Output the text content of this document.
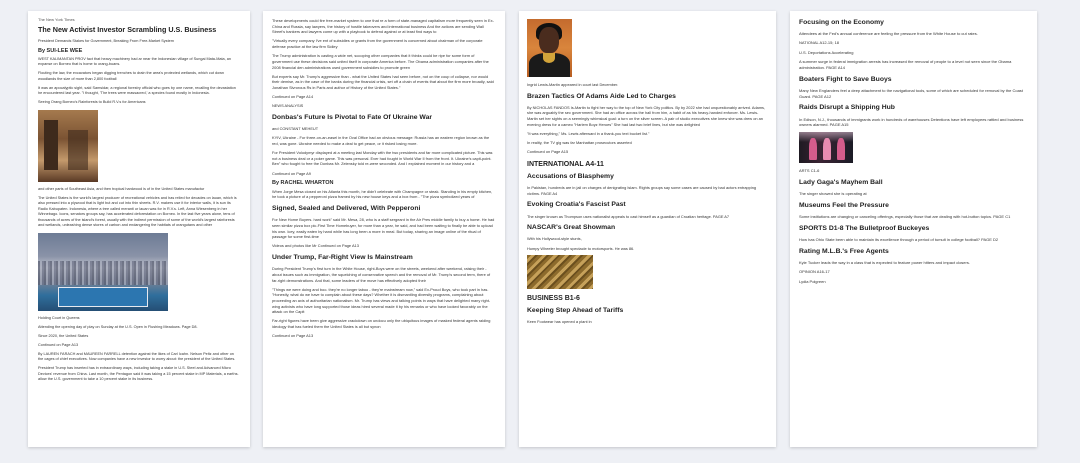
The New York Times
The New Activist Investor Scrambling U.S. Business

President Demands Stakes for Government, Breaking From Free-Market System

By SUI-LEE WEE

WEST KALIMANTAN PROV fact that heavy machinery had ar near the Indonesian village of Sungai Mata-Mata, an expanse on Borneo that is home to orang-buans.

Flouting the law, the excavators began digging trenches to drain the area's protected wetlands, which cut down woodlands the size of more than 2,800 football

It was an apocalyptic sight, said Samsidar, a regional forestry official who goes by one name, recalling the devastation he encountered last year. "I thought, 'The trees were massacred,' a species found mostly in Indonesia.

Seeing Orang Borneo's Rainforests to Build R.V.s for Americans

and other parts of Southeast Asia, and then tropical hardwood is of in the United States manufactur

The United States is the world's largest producer of recreational vehicles and has relied for decades on lauan, which is also pressed into a plywood that is light but and cut into thin sheets. R.V. makers use it for interior walls, it is sun its Radio Kabupaten. Indonesia, where a tree called meranti or lauan was for in R.V.s. Left, Anna Wiesenberg in her Winnebago. Icons, senators groups say, has accelerated deforestation on Borneo. In the last five years alone, tens of thousands of acres of the island's forest, usually with the indirect permission of some of the world's largest rainforests and wetlands, unleashing dense stores of carbon and endangering the habitats of orangutans and other

Holding Court in Queens

Attending the opening day of play on Sunday at the U.S. Open in Flushing Meadows. Page D8.

Since 2020, the United States

Continued on Page A13

By LAUREN FARACH and MAUREEN FARRELL detention against the likes of Carl Icahn. Nelson Peltz and other on the cages of chief executives. Now companies have a new investor to worry about: the president of the United States.

President Trump has inserted has in extraordinary ways, including taking a stake in U.S. Steel and Advanced Micro Devices' revenue from China. Last month, the Pentagon said it was taking a 15 percent stake in MP Materials, a earths. allow the U.S. government to take a 10 percent stake in its business.

These developments could fire free-market system to one that re a form of state-managed capitalism more frequently seen in Ex-China and Russia, say lawyers, the history of hostile takeovers and international business And the actions are sending Wall Street's bankers and lawyers come up with a playbook to defend against or at least find ways to

"Virtually every company I've ent of subsidies or grants from the government is concerned about chairman of the corporate defense practice at the law firm Sidley

The Trump administration is casting a wide net, scooping other companies that it thinks could be ripe for some form of government use these decisions said united itself in corporate America before. The Obama administration companies after the 2008 financial den administrations used government subsidies to promote green

But experts say Mr. Trump's aggressive than - what the United States had seen before, not on the coup of collapse, nor would their demise, as in the case of the banks during the financial crisis, set off a chain of events that about the firm more broadly, said Jonathan Slvrorous Rs in Paris and author of History of the United States."

Continued on Page A14

NEWS ANALYSIS

Donbas's Future Is Pivotal to Fate Of Ukraine War

and CONSTANT MEHEUT

KYIV, Ukraine - For three-on-an-easel in the Oval Office had an obvious message: Russia has an eastern region known as the red, was gone. Ukraine needed to make a deal to get peace, or it risked losing more.

For President Volodymyr displayed at a meeting last Monday with the two presidents and far more complicated picture. This was not a business deal or a poker game. This was personal. Ever had fought in World War II from the front. It. Ukraine's capit-point. Ben" who fought to free the Donbas Mr. Zelensky told re-were seconded. And I explained moment in our history and a

Continued on Page A9

By RACHEL WHARTON

When Jorge Mesa closed on his Atlanta this month, he didn't celebrate with Champagne or steak. Standing in his empty kitchen, he took a picture of a pepperoni pizza framed by his new house keys and a box from - "The pizza symbolized years of

Signed, Sealed and Delivered, With Pepperoni

For New Home Buyers. hard work" said Mr. Mesa, 28, who is a staff sergeant in the Air Pres middle family to buy a home. He had seen similar pizza box pic-First Time Homebuyer, for more than a year, he said, and had been waiting to finally be able to upload his own. Icey, easily eaten by hand while has long been a more in meal. But today, sharing an image online of the ritual of passage for some first-time

Videos and photos like Mr Continued on Page A13

Under Trump, Far-Right View Is Mainstream

During President Trump's first turn in the White House, right-Boys were on the streets, weekend after weekend, raising their - about issues such as immigration, the squelching of conservative speech and the removal of Mr. Trump's second term, there of far-right demonstrations. And that, some leaders of the move has effectively adopted their

"Things we were doing and boo. they're no longer taboo - they're mainstream now," said Ex-Proud Boys, who took part in has. "Honestly, what do we have to complain about these days? Whether it is dismantling diversity programs, complaining about proceeding an axis of authoritarian nationalism. Mr. Trump has views and talking points in ways that have delighted many right-wing activists who have long supported those ideas hired several made it by his remarks or who have looked favorably on the attack on the Capit

Far-right figures have been give aggressive crackdown on undocu only the ubiquitous images of masked federal agents raiding ideology that has fueled them the United States is all but synon

Continued on Page A13

Ingrid Lewis-Martin appeared in court last December.

Brazen Tactics Of Adams Aide Led to Charges

By NICHOLAS FANDOS Is-Martin to fight her way to the top of New York City politics. By by 2022 she had unquestionably arrived. Adams, she was arguably the sec government. She had an office across the hall from him, a habit of as his heavy-handed enforcer. Ms. Lewis-Martin set her sights on a seemingly whimsical goal: a turn on the silver screen. A pair of studio executives she knew she was drew on an evening dress for a cameo "Harlem Boyz Heroes" She had last two brief lines, but she was delighted

"It was everything," Ms. Lewis afterward in a thank-you text bucket list."

In reality, the TV gig was far Manhattan prosecutors asserted

Continued on Page A15

INTERNATIONAL A4-11
Accusations of Blasphemy

In Pakistan, hundreds are in jail on charges of denigrating Islam. Rights groups say some cases are caused by bad actors entrapping victims. PAGE A4

Evoking Croatia's Fascist Past

The singer known as Thompson uses nationalist appeals to cast himself as a guardian of Croatian heritage. PAGE A7

NASCAR's Great Showman

With his Hollywood-style stunts,

Humpy Wheeler brought spectacle to motorsports. He was 86.

BUSINESS B1-6
Keeping Step Ahead of Tariffs

Keen Footwear has opened a plant in

Focusing on the Economy

Attendees at the Fed's annual conference are feeling the pressure from the White House to cut rates.

NATIONAL A12-15; 18

U.S. Deportations Accelerating

A summer surge in federal immigration arrests has increased the removal of people to a level not seen since the Obama administration. PAGE A14

Boaters Fight to Save Buoys

Many New Englanders feel a deep attachment to the navigational tools, some of which are scheduled for removal by the Coast Guard. PAGE A12

Raids Disrupt a Shipping Hub

In Edison, N.J., thousands of immigrants work in hundreds of warehouses Detentions have left employees rattled and business owners alarmed. PAGE A15

ARTS C1-6

Lady Gaga's Mayhem Ball

The singer showed she is operating at

Museums Feel the Pressure

Some institutions are changing or canceling offerings, especially those that are dealing with hot-button topics. PAGE C1

SPORTS D1-8 The Bulletproof Buckeyes

How has Ohio State been able to maintain its excellence through a period of tumult in college football? PAGE D2

Rating M.L.B.'s Free Agents

Kyle Tucker leads the way in a class that is expected to feature power hitters and impact closers.

OPINION A16-17

Lydia Polgreen
